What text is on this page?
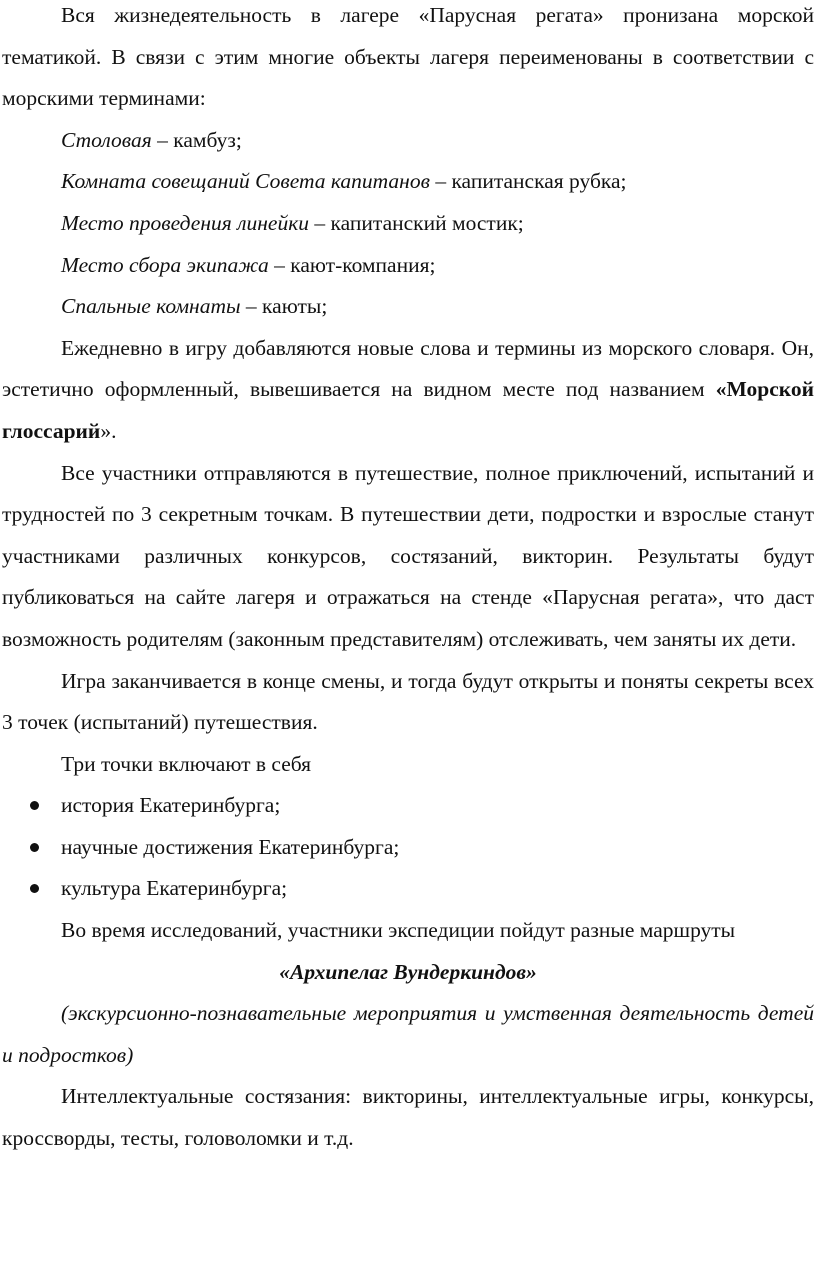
Вся жизнедеятельность в лагере «Парусная регата» пронизана морской тематикой. В связи с этим многие объекты лагеря переименованы в соответствии с морскими терминами:

Столовая – камбуз;

Комната совещаний Совета капитанов – капитанская рубка;

Место проведения линейки – капитанский мостик;

Место сбора экипажа – кают-компания;

Спальные комнаты – каюты;

Ежедневно в игру добавляются новые слова и термины из морского словаря. Он, эстетично оформленный, вывешивается на видном месте под названием «Морской глоссарий».

Все участники отправляются в путешествие, полное приключений, испытаний и трудностей по 3 секретным точкам. В путешествии дети, подростки и взрослые станут участниками различных конкурсов, состязаний, викторин. Результаты будут публиковаться на сайте лагеря и отражаться на стенде «Парусная регата», что даст возможность родителям (законным представителям) отслеживать, чем заняты их дети.

Игра заканчивается в конце смены, и тогда будут открыты и поняты секреты всех 3 точек (испытаний) путешествия.

Три точки включают в себя

история Екатеринбурга;

научные достижения Екатеринбурга;

культура Екатеринбурга;

Во время исследований, участники экспедиции пойдут разные маршруты

«Архипелаг Вундеркиндов»

(экскурсионно-познавательные мероприятия и умственная деятельность детей и подростков)

Интеллектуальные состязания: викторины, интеллектуальные игры, конкурсы, кроссворды, тесты, головоломки и т.д.
